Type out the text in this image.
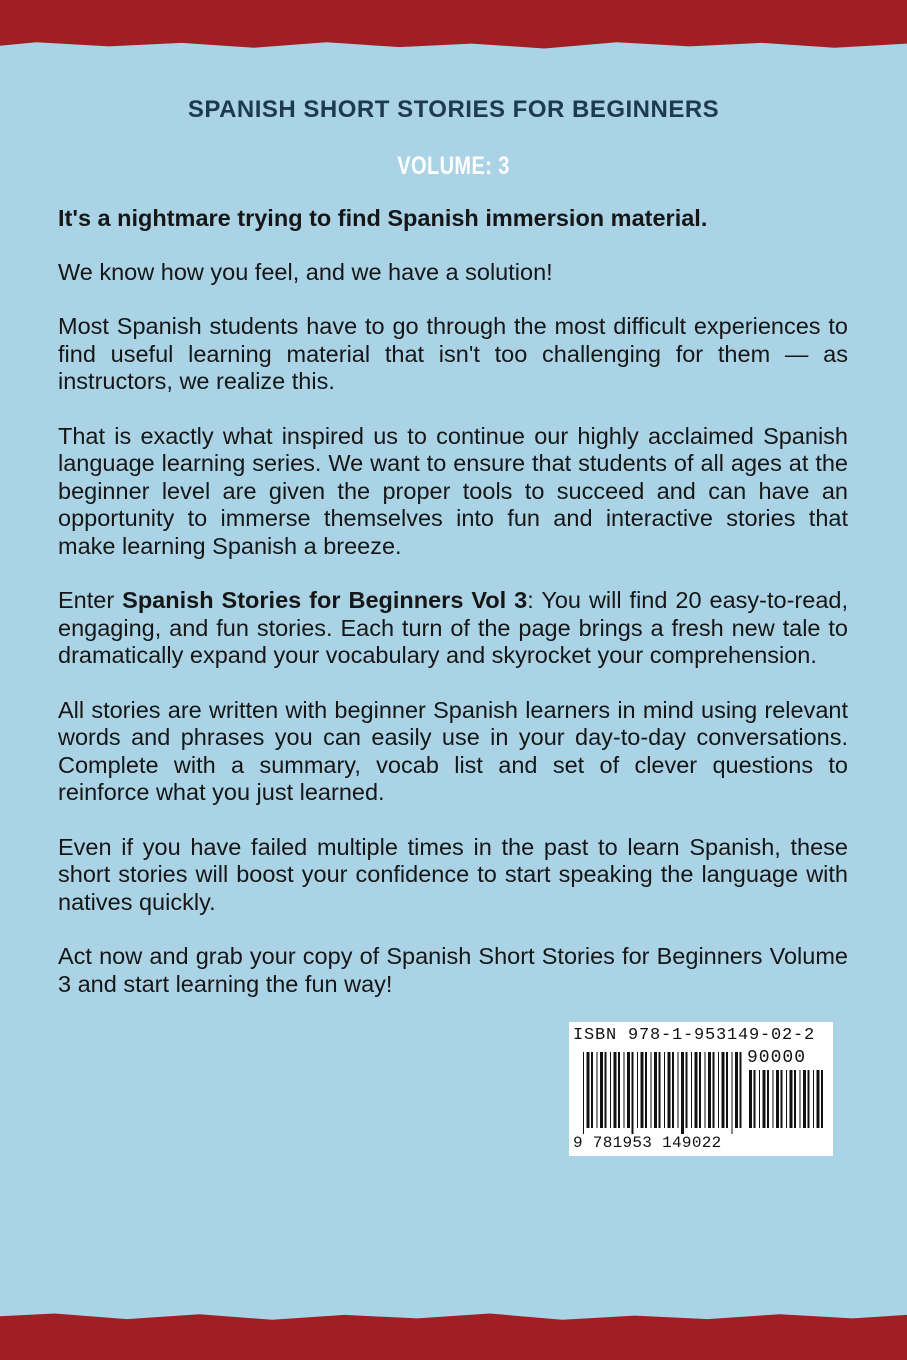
SPANISH SHORT STORIES FOR BEGINNERS
VOLUME: 3

It's a nightmare trying to find Spanish immersion material.

We know how you feel, and we have a solution!

Most Spanish students have to go through the most difficult experiences to find useful learning material that isn't too challenging for them — as instructors, we realize this.

That is exactly what inspired us to continue our highly acclaimed Spanish language learning series. We want to ensure that students of all ages at the beginner level are given the proper tools to succeed and can have an opportunity to immerse themselves into fun and interactive stories that make learning Spanish a breeze.

Enter Spanish Stories for Beginners Vol 3: You will find 20 easy-to-read, engaging, and fun stories. Each turn of the page brings a fresh new tale to dramatically expand your vocabulary and skyrocket your comprehension.

All stories are written with beginner Spanish learners in mind using relevant words and phrases you can easily use in your day-to-day conversations. Complete with a summary, vocab list and set of clever questions to reinforce what you just learned.

Even if you have failed multiple times in the past to learn Spanish, these short stories will boost your confidence to start speaking the language with natives quickly.

Act now and grab your copy of Spanish Short Stories for Beginners Volume 3 and start learning the fun way!

ISBN 978-1-953149-02-2
90000
9 781953 149022
